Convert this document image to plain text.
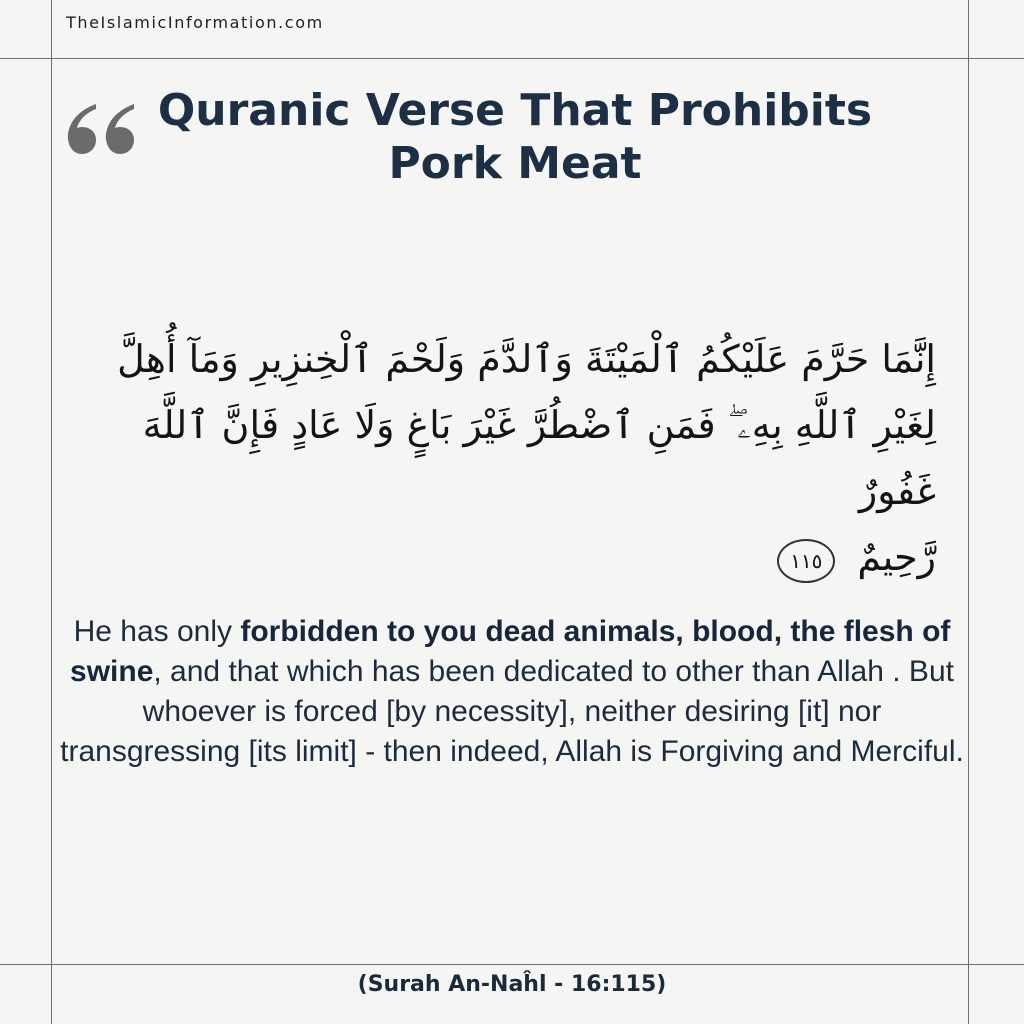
TheIslamicInformation.com
Quranic Verse That Prohibits
Pork Meat
إِنَّمَا حَرَّمَ عَلَيْكُمُ ٱلْمَيْتَةَ وَٱلدَّمَ وَلَحْمَ ٱلْخِنزِيرِ وَمَآ أُهِلَّ
لِغَيْرِ ٱللَّهِ بِهِۦ ۖ فَمَنِ ٱضْطُرَّ غَيْرَ بَاغٍ وَلَا عَادٍ فَإِنَّ ٱللَّهَ غَفُورٌ
رَّحِيمٌ ١١٥
He has only forbidden to you dead animals, blood, the flesh of swine, and that which has been dedicated to other than Allah . But whoever is forced [by necessity], neither desiring [it] nor transgressing [its limit] - then indeed, Allah is Forgiving and Merciful.
(Surah An-Naĥl - 16:115)
